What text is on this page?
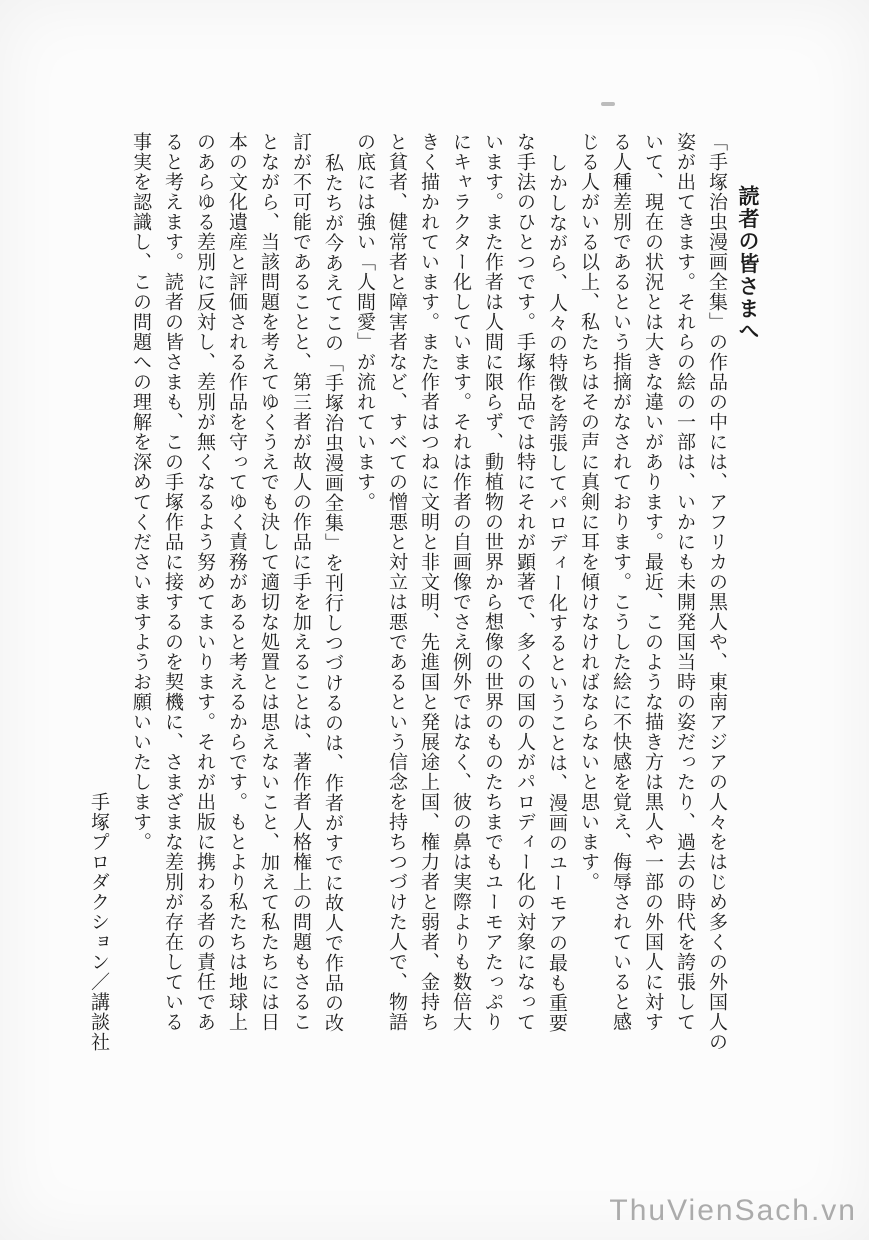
読者の皆さまへ
「手塚治虫漫画全集」の作品の中には、アフリカの黒人や、東南アジアの人々をはじめ多くの外国人の
姿が出てきます。それらの絵の一部は、いかにも未開発国当時の姿だったり、過去の時代を誇張して
いて、現在の状況とは大きな違いがあります。最近、このような描き方は黒人や一部の外国人に対す
る人種差別であるという指摘がなされております。こうした絵に不快感を覚え、侮辱されていると感
じる人がいる以上、私たちはその声に真剣に耳を傾けなければならないと思います。
しかしながら、人々の特徴を誇張してパロディー化するということは、漫画のユーモアの最も重要
な手法のひとつです。手塚作品では特にそれが顕著で、多くの国の人がパロディー化の対象になって
います。また作者は人間に限らず、動植物の世界から想像の世界のものたちまでもユーモアたっぷり
にキャラクター化しています。それは作者の自画像でさえ例外ではなく、彼の鼻は実際よりも数倍大
きく描かれています。また作者はつねに文明と非文明、先進国と発展途上国、権力者と弱者、金持ち
と貧者、健常者と障害者など、すべての憎悪と対立は悪であるという信念を持ちつづけた人で、物語
の底には強い「人間愛」が流れています。
私たちが今あえてこの「手塚治虫漫画全集」を刊行しつづけるのは、作者がすでに故人で作品の改
訂が不可能であることと、第三者が故人の作品に手を加えることは、著作者人格権上の問題もさるこ
とながら、当該問題を考えてゆくうえでも決して適切な処置とは思えないこと、加えて私たちには日
本の文化遺産と評価される作品を守ってゆく責務があると考えるからです。もとより私たちは地球上
のあらゆる差別に反対し、差別が無くなるよう努めてまいります。それが出版に携わる者の責任であ
ると考えます。読者の皆さまも、この手塚作品に接するのを契機に、さまざまな差別が存在している
事実を認識し、この問題への理解を深めてくださいますようお願いいたします。
手塚プロダクション／講談社
ThuVienSach.vn
